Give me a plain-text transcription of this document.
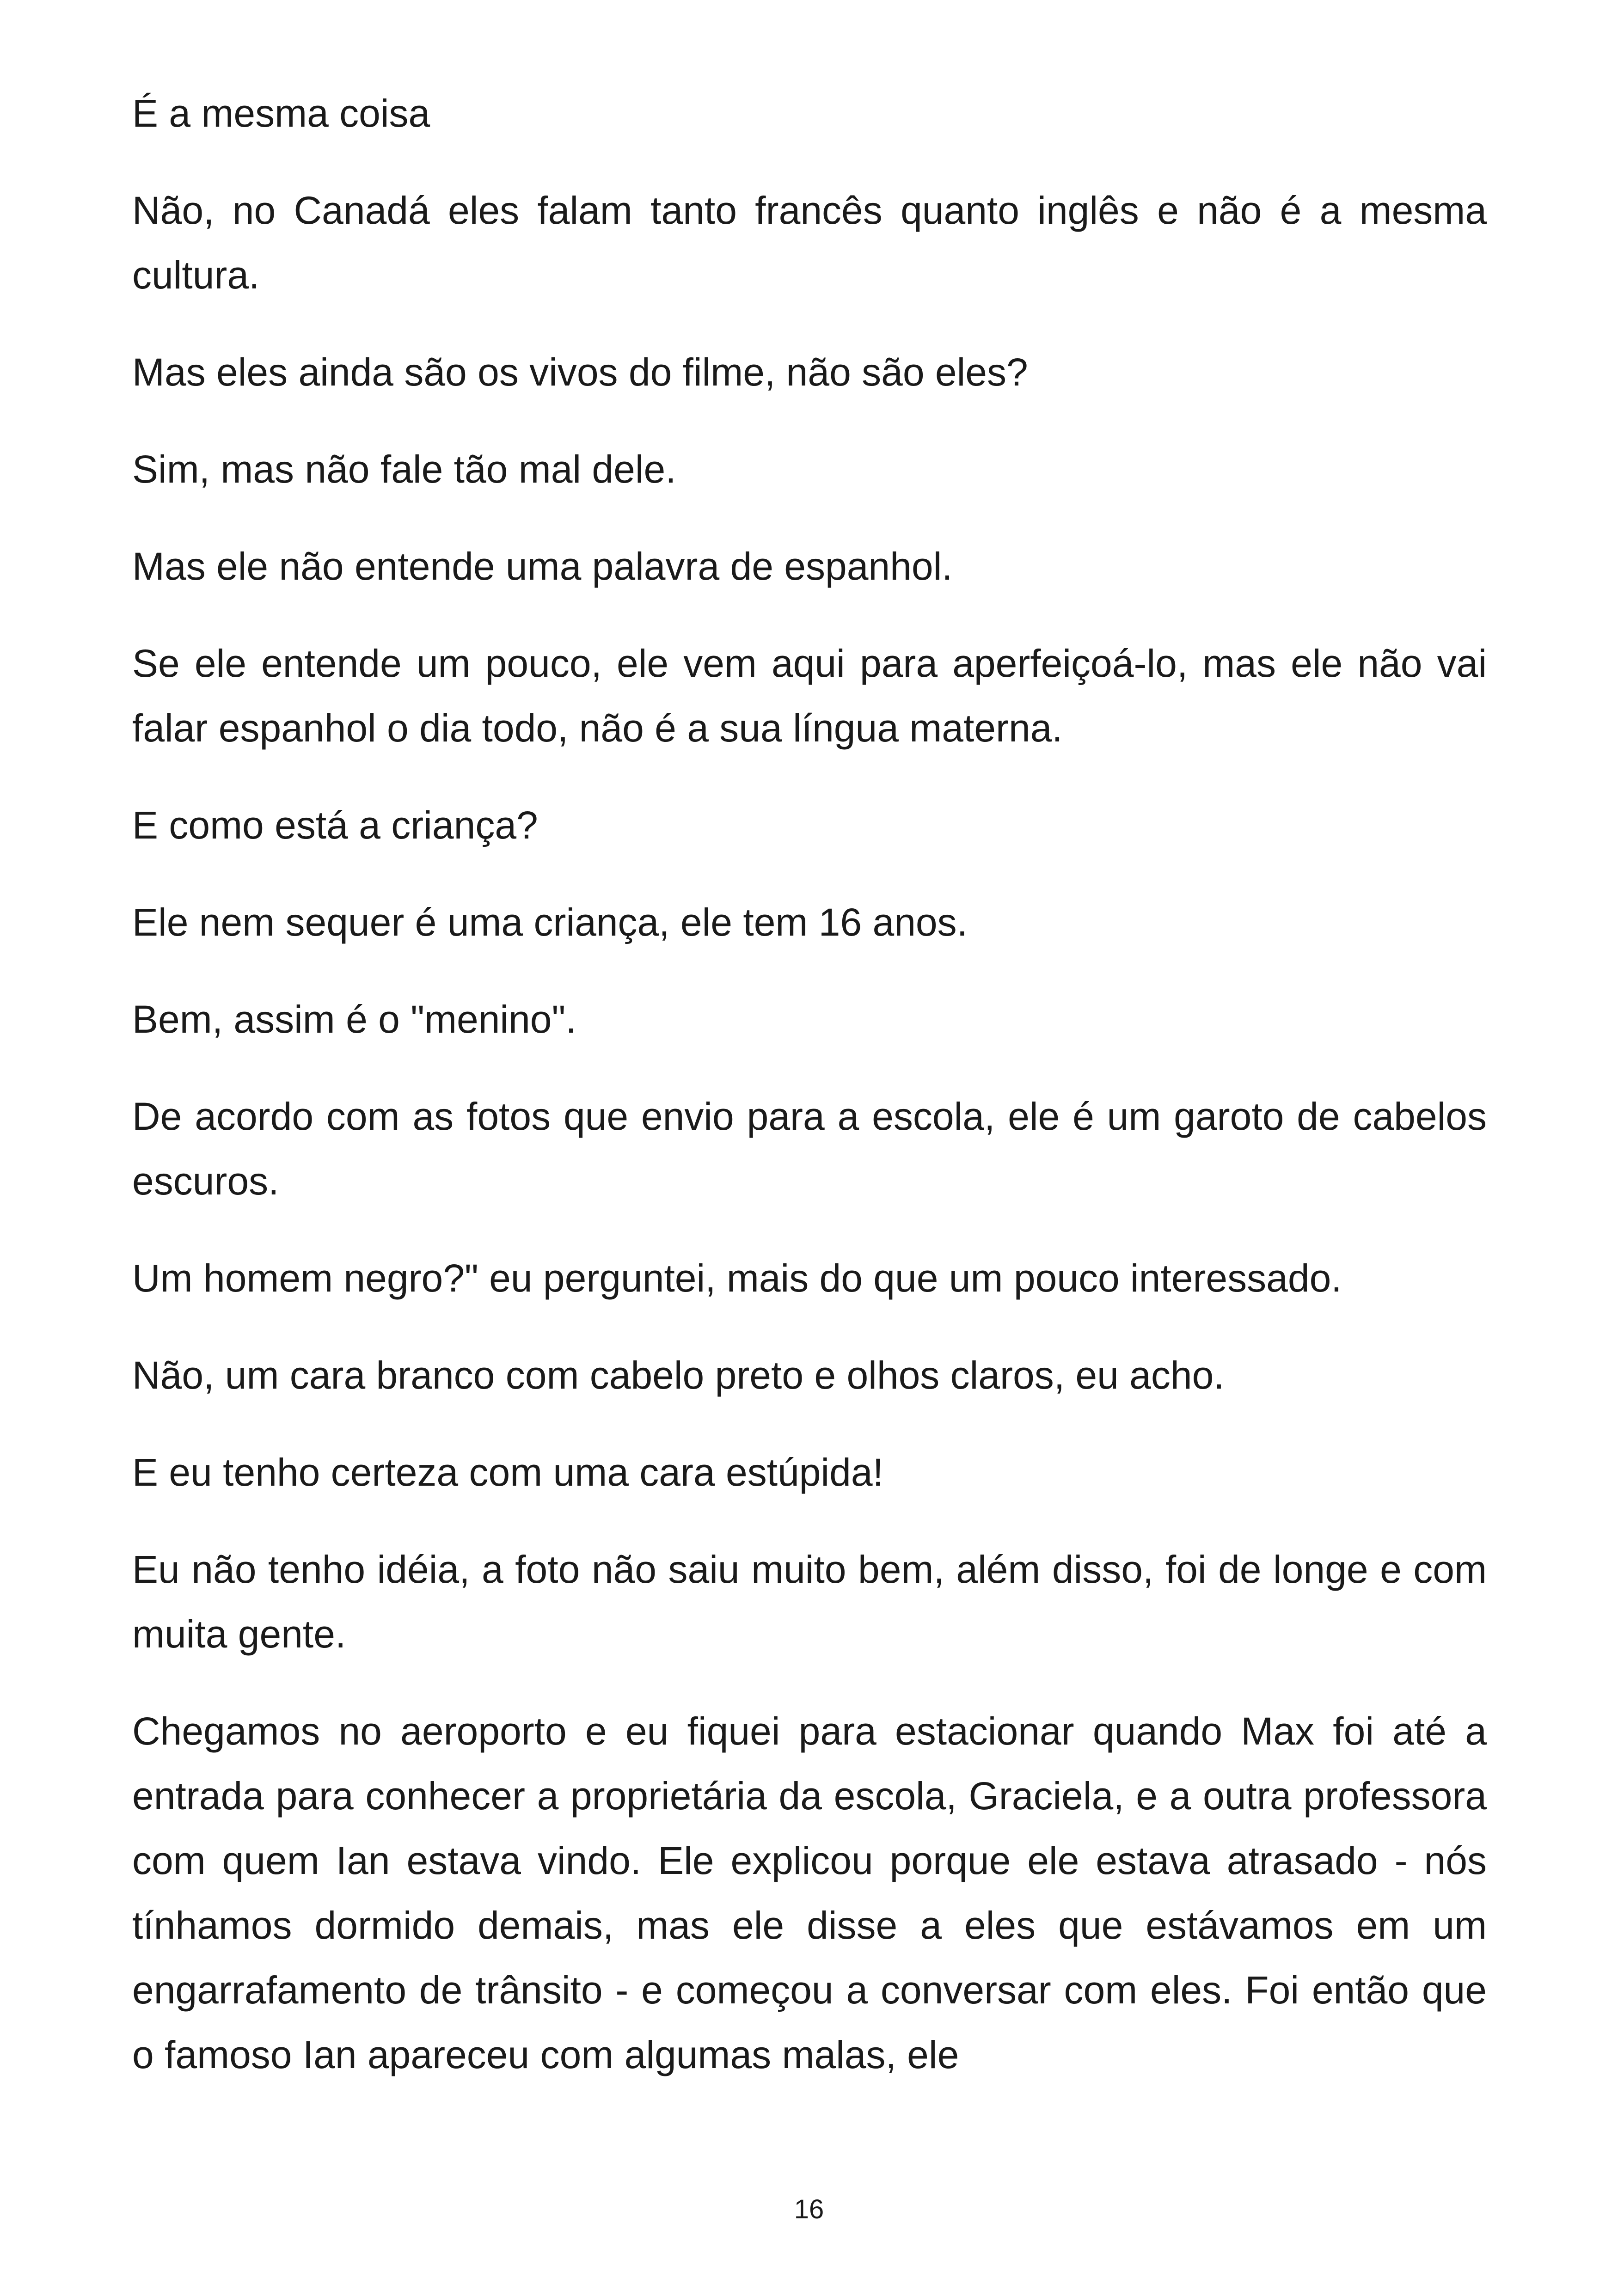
É a mesma coisa

Não, no Canadá eles falam tanto francês quanto inglês e não é a mesma cultura.

Mas eles ainda são os vivos do filme, não são eles?

Sim, mas não fale tão mal dele.

Mas ele não entende uma palavra de espanhol.

Se ele entende um pouco, ele vem aqui para aperfeiçoá-lo, mas ele não vai falar espanhol o dia todo, não é a sua língua materna.

E como está a criança?

Ele nem sequer é uma criança, ele tem 16 anos.

Bem, assim é o "menino".

De acordo com as fotos que envio para a escola, ele é um garoto de cabelos escuros.

Um homem negro?" eu perguntei, mais do que um pouco interessado.

Não, um cara branco com cabelo preto e olhos claros, eu acho.

E eu tenho certeza com uma cara estúpida!

Eu não tenho idéia, a foto não saiu muito bem, além disso, foi de longe e com muita gente.

Chegamos no aeroporto e eu fiquei para estacionar quando Max foi até a entrada para conhecer a proprietária da escola, Graciela, e a outra professora com quem Ian estava vindo. Ele explicou porque ele estava atrasado - nós tínhamos dormido demais, mas ele disse a eles que estávamos em um engarrafamento de trânsito - e começou a conversar com eles. Foi então que o famoso Ian apareceu com algumas malas, ele

16
